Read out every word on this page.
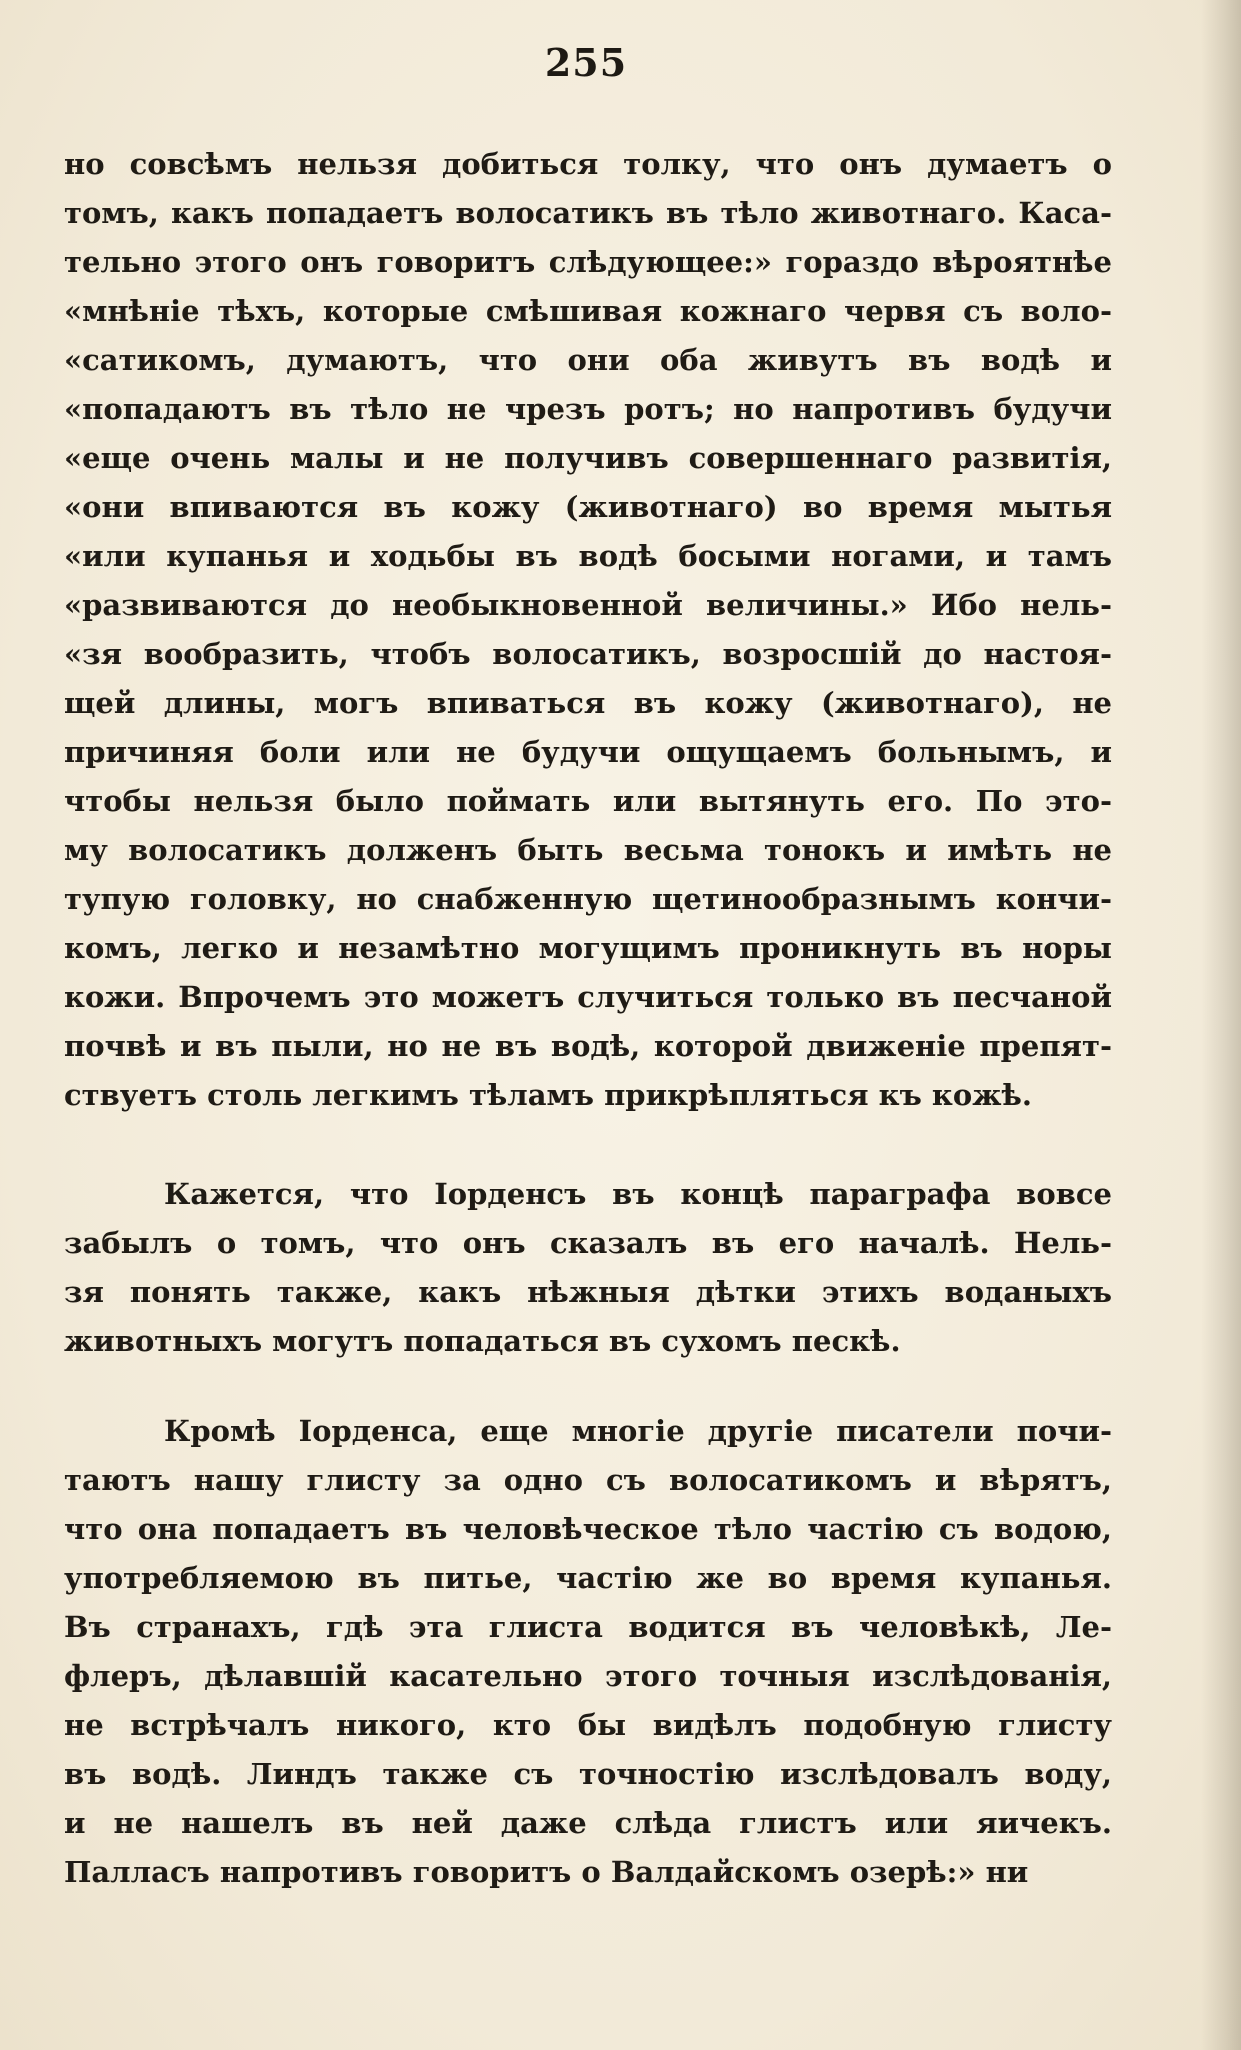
255
но совсѣмъ нельзя добиться толку, что онъ думаетъ о
томъ, какъ попадаетъ волосатикъ въ тѣло животнаго. Каса-
тельно этого онъ говоритъ слѣдующее:» гораздо вѣроятнѣе
«мнѣніе тѣхъ, которые смѣшивая кожнаго червя съ воло-
«сатикомъ, думаютъ, что они оба живутъ въ водѣ и
«попадаютъ въ тѣло не чрезъ ротъ; но напротивъ будучи
«еще очень малы и не получивъ совершеннаго развитія,
«они впиваются въ кожу (животнаго) во время мытья
«или купанья и ходьбы въ водѣ босыми ногами, и тамъ
«развиваются до необыкновенной величины.» Ибо нель-
«зя вообразить, чтобъ волосатикъ, возросшій до настоя-
щей длины, могъ впиваться въ кожу (животнаго), не
причиняя боли или не будучи ощущаемъ больнымъ, и
чтобы нельзя было поймать или вытянуть его. По это-
му волосатикъ долженъ быть весьма тонокъ и имѣть не
тупую головку, но снабженную щетинообразнымъ кончи-
комъ, легко и незамѣтно могущимъ проникнуть въ норы
кожи. Впрочемъ это можетъ случиться только въ песчаной
почвѣ и въ пыли, но не въ водѣ, которой движеніе препят-
ствуетъ столь легкимъ тѣламъ прикрѣпляться къ кожѣ.
Кажется, что Іорденсъ въ концѣ параграфа вовсе
забылъ о томъ, что онъ сказалъ въ его началѣ. Нель-
зя понять также, какъ нѣжныя дѣтки этихъ воданыхъ
животныхъ могутъ попадаться въ сухомъ пескѣ.
Кромѣ Іорденса, еще многіе другіе писатели почи-
таютъ нашу глисту за одно съ волосатикомъ и вѣрятъ,
что она попадаетъ въ человѣческое тѣло частію съ водою,
употребляемою въ питье, частію же во время купанья.
Въ странахъ, гдѣ эта глиста водится въ человѣкѣ, Ле-
флеръ, дѣлавшій касательно этого точныя изслѣдованія,
не встрѣчалъ никого, кто бы видѣлъ подобную глисту
въ водѣ. Линдъ также съ точностію изслѣдовалъ воду,
и не нашелъ въ ней даже слѣда глистъ или яичекъ.
Палласъ напротивъ говоритъ о Валдайскомъ озерѣ:» ни
